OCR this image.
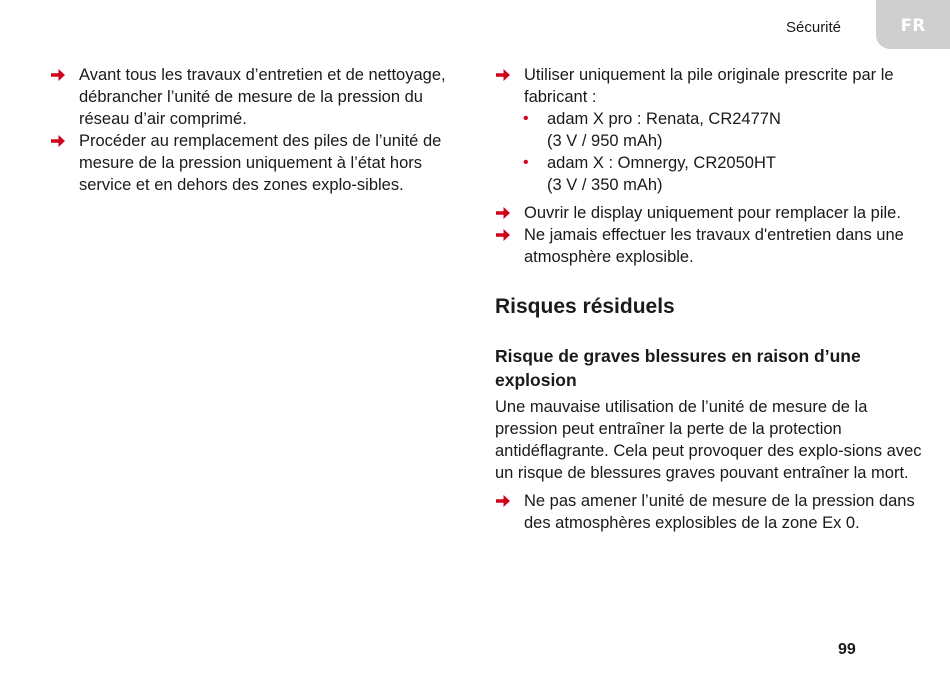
Sécurité	FR

Avant tous les travaux d’entretien et de nettoyage, débrancher l’unité de mesure de la pression du réseau d’air comprimé.

Procéder au remplacement des piles de l’unité de mesure de la pression uniquement à l’état hors service et en dehors des zones explo-sibles.

Utiliser uniquement la pile originale prescrite par le fabricant :

• adam X pro : Renata, CR2477N
(3 V / 950 mAh)

• adam X : Omnergy, CR2050HT
(3 V / 350 mAh)

Ouvrir le display uniquement pour remplacer la pile.

Ne jamais effectuer les travaux d'entretien dans une atmosphère explosible.

Risques résiduels
Risque de graves blessures en raison d’une explosion

Une mauvaise utilisation de l’unité de mesure de la pression peut entraîner la perte de la protection antidéflagrante. Cela peut provoquer des explo-sions avec un risque de blessures graves pouvant entraîner la mort.

Ne pas amener l’unité de mesure de la pression dans des atmosphères explosibles de la zone Ex 0.

99
